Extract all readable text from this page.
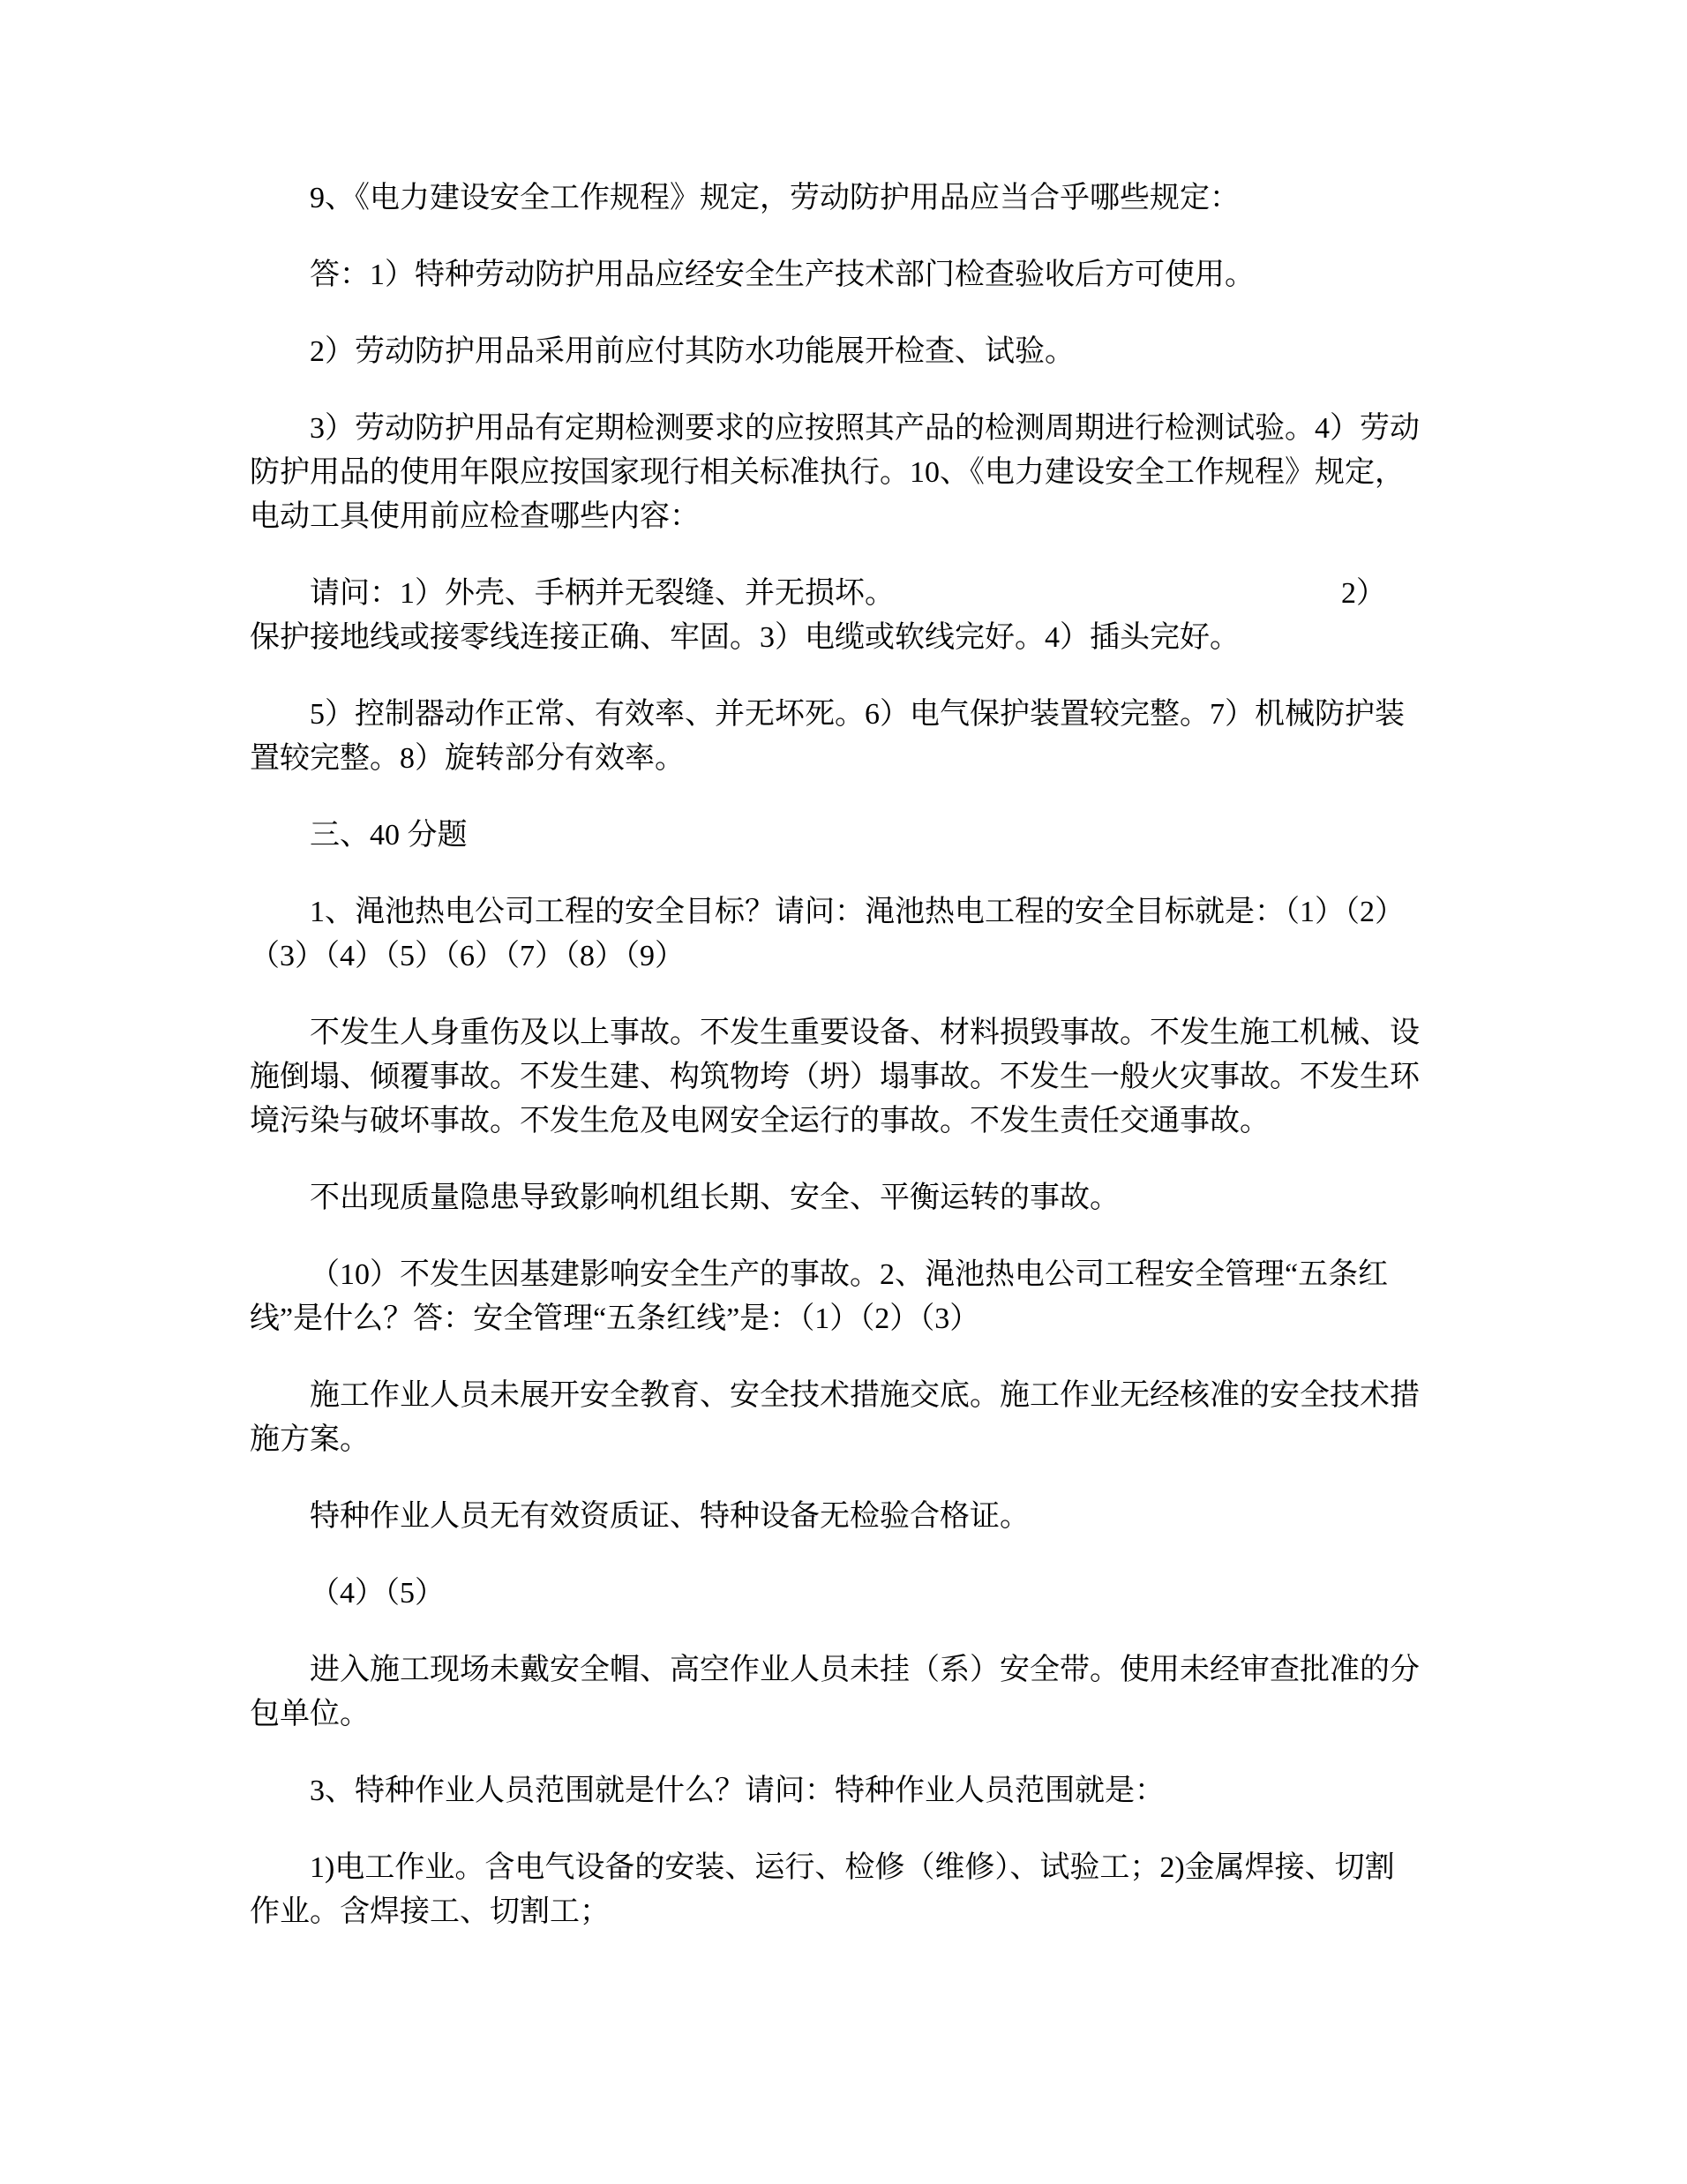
9、《电力建设安全工作规程》规定，劳动防护用品应当合乎哪些规定：
答：1）特种劳动防护用品应经安全生产技术部门检查验收后方可使用。
2）劳动防护用品采用前应付其防水功能展开检查、试验。
3）劳动防护用品有定期检测要求的应按照其产品的检测周期进行检测试验。4）劳动
防护用品的使用年限应按国家现行相关标准执行。10、《电力建设安全工作规程》规定，
电动工具使用前应检查哪些内容：
请问：1）外壳、手柄并无裂缝、并无损坏。	2）
保护接地线或接零线连接正确、牢固。3）电缆或软线完好。4）插头完好。
5）控制器动作正常、有效率、并无坏死。6）电气保护装置较完整。7）机械防护装
置较完整。8）旋转部分有效率。
三、40 分题
1、渑池热电公司工程的安全目标？请问：渑池热电工程的安全目标就是：（1）（2）
（3）（4）（5）（6）（7）（8）（9）
不发生人身重伤及以上事故。不发生重要设备、材料损毁事故。不发生施工机械、设
施倒塌、倾覆事故。不发生建、构筑物垮（坍）塌事故。不发生一般火灾事故。不发生环
境污染与破坏事故。不发生危及电网安全运行的事故。不发生责任交通事故。
不出现质量隐患导致影响机组长期、安全、平衡运转的事故。
（10）不发生因基建影响安全生产的事故。2、渑池热电公司工程安全管理“五条红
线”是什么？答：安全管理“五条红线”是：（1）（2）（3）
施工作业人员未展开安全教育、安全技术措施交底。施工作业无经核准的安全技术措
施方案。
特种作业人员无有效资质证、特种设备无检验合格证。
（4）（5）
进入施工现场未戴安全帽、高空作业人员未挂（系）安全带。使用未经审查批准的分
包单位。
3、特种作业人员范围就是什么？请问：特种作业人员范围就是：
1)电工作业。含电气设备的安装、运行、检修（维修）、试验工；2)金属焊接、切割
作业。含焊接工、切割工；
